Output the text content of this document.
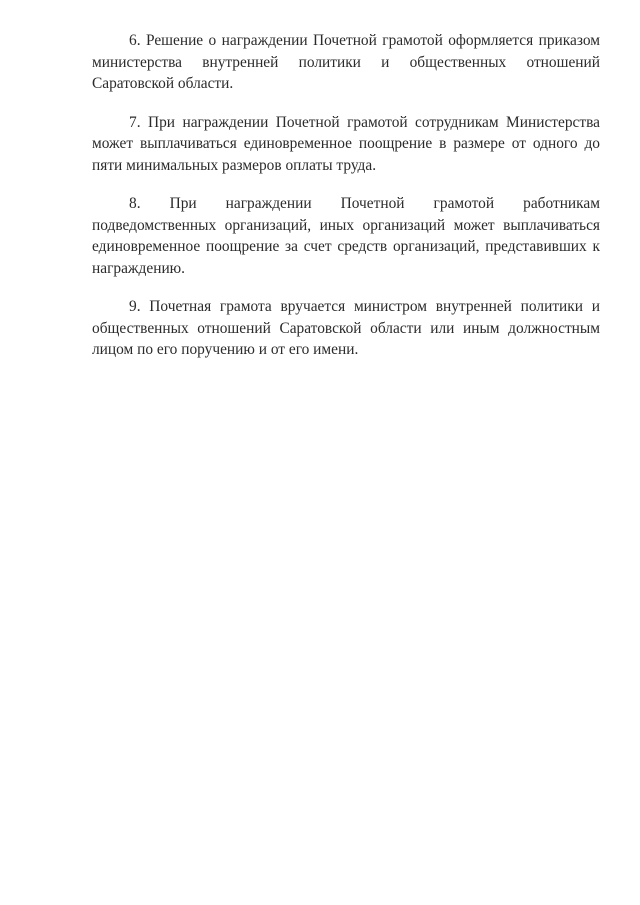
6. Решение о награждении Почетной грамотой оформляется приказом министерства внутренней политики и общественных отношений Саратовской области.

7. При награждении Почетной грамотой сотрудникам Министерства может выплачиваться единовременное поощрение в размере от одного до пяти минимальных размеров оплаты труда.

8. При награждении Почетной грамотой работникам подведомственных организаций, иных организаций может выплачиваться единовременное поощрение за счет средств организаций, представивших к награждению.

9. Почетная грамота вручается министром внутренней политики и общественных отношений Саратовской области или иным должностным лицом по его поручению и от его имени.
